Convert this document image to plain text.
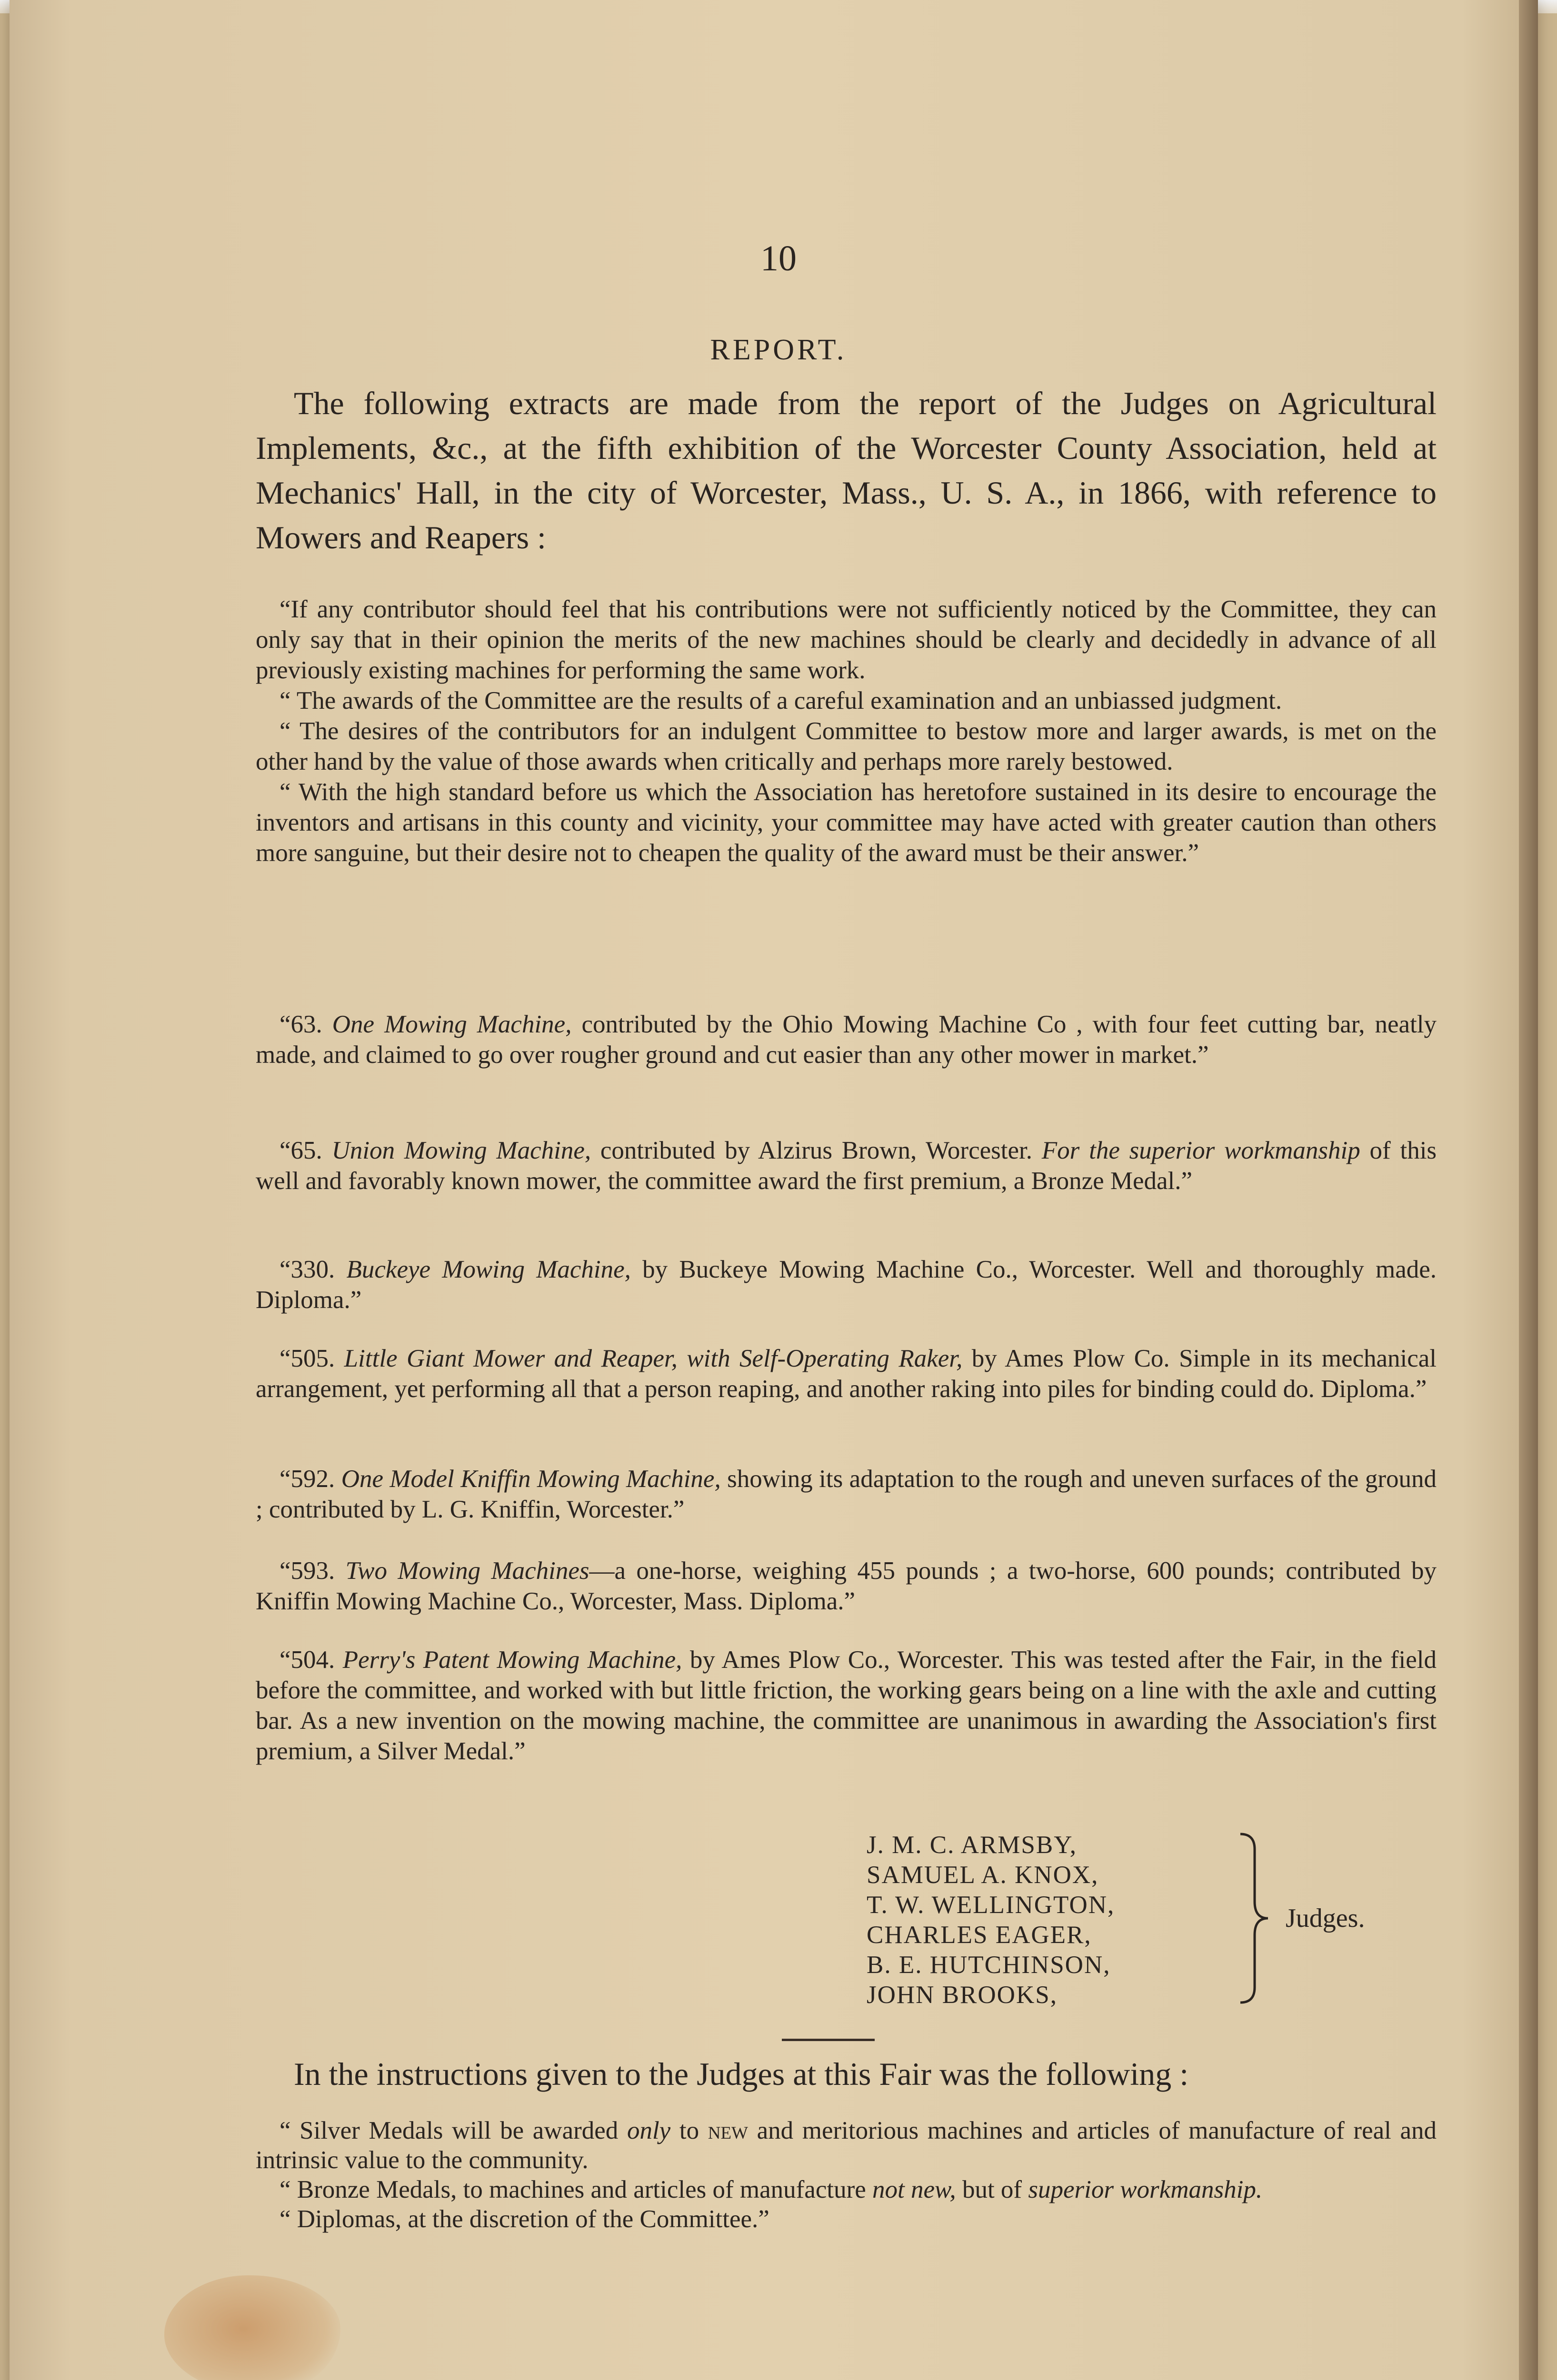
10
REPORT.
The following extracts are made from the report of the Judges on Agricultural Implements, &c., at the fifth exhibition of the Worcester County Association, held at Mechanics' Hall, in the city of Worcester, Mass., U. S. A., in 1866, with reference to Mowers and Reapers :

“If any contributor should feel that his contributions were not sufficiently noticed by the Committee, they can only say that in their opinion the merits of the new machines should be clearly and decidedly in advance of all previously existing machines for performing the same work.

“ The awards of the Committee are the results of a careful examination and an unbiassed judgment.

“ The desires of the contributors for an indulgent Committee to bestow more and larger awards, is met on the other hand by the value of those awards when critically and perhaps more rarely bestowed.

“ With the high standard before us which the Association has heretofore sustained in its desire to encourage the inventors and artisans in this county and vicinity, your committee may have acted with greater caution than others more sanguine, but their desire not to cheapen the quality of the award must be their answer.”

“63. One Mowing Machine, contributed by the Ohio Mowing Machine Co , with four feet cutting bar, neatly made, and claimed to go over rougher ground and cut easier than any other mower in market.”

“65. Union Mowing Machine, contributed by Alzirus Brown, Worcester. For the superior workmanship of this well and favorably known mower, the committee award the first premium, a Bronze Medal.”

“330. Buckeye Mowing Machine, by Buckeye Mowing Machine Co., Worcester. Well and thoroughly made. Diploma.”

“505. Little Giant Mower and Reaper, with Self-Operating Raker, by Ames Plow Co. Simple in its mechanical arrangement, yet performing all that a person reaping, and another raking into piles for binding could do. Diploma.”

“592. One Model Kniffin Mowing Machine, showing its adaptation to the rough and uneven surfaces of the ground ; contributed by L. G. Kniffin, Worcester.”

“593. Two Mowing Machines—a one-horse, weighing 455 pounds ; a two-horse, 600 pounds; contributed by Kniffin Mowing Machine Co., Worcester, Mass. Diploma.”

“504. Perry's Patent Mowing Machine, by Ames Plow Co., Worcester. This was tested after the Fair, in the field before the committee, and worked with but little friction, the working gears being on a line with the axle and cutting bar. As a new invention on the mowing machine, the committee are unanimous in awarding the Association's first premium, a Silver Medal.”

J. M. C. ARMSBY,
SAMUEL A. KNOX,
T. W. WELLINGTON,
CHARLES EAGER,
B. E. HUTCHINSON,
JOHN BROOKS,
Judges.
In the instructions given to the Judges at this Fair was the following :

“ Silver Medals will be awarded only to new and meritorious machines and articles of manufacture of real and intrinsic value to the community.

“ Bronze Medals, to machines and articles of manufacture not new, but of superior workmanship.

“ Diplomas, at the discretion of the Committee.”
